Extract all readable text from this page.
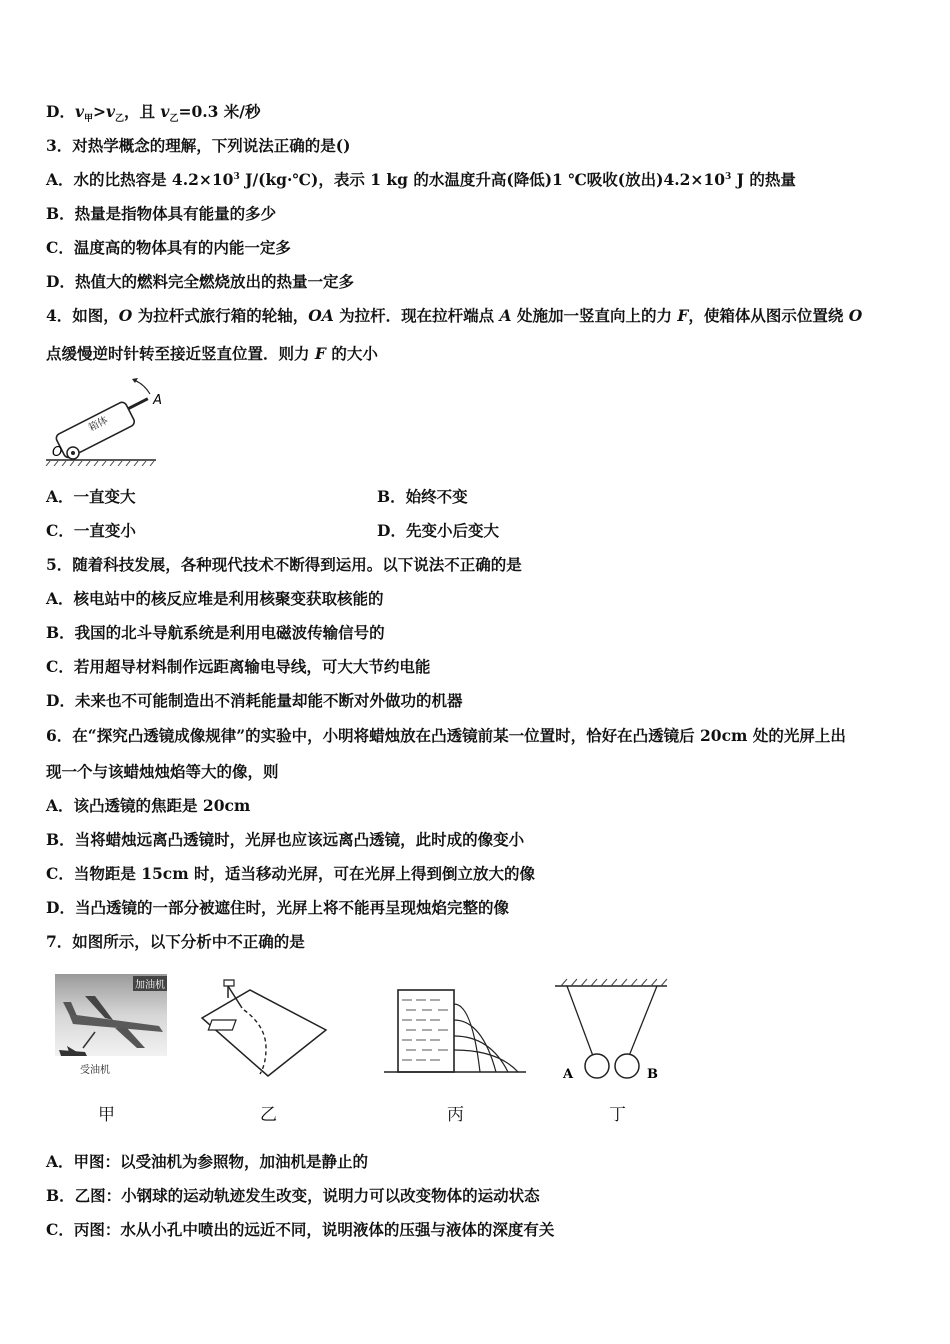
D．$v_甲>v_乙$，且 $v_乙=0.3$ 米/秒
3．对热学概念的理解，下列说法正确的是()
A．水的比热容是 $4.2\times 10^3$ J/(kg·℃)，表示 1 kg 的水温度升高(降低)1 ℃吸收(放出)$4.2\times 10^3$ J 的热量
B．热量是指物体具有能量的多少
C．温度高的物体具有的内能一定多
D．热值大的燃料完全燃烧放出的热量一定多
4．如图，O 为拉杆式旅行箱的轮轴，OA 为拉杆．现在拉杆端点 A 处施加一竖直向上的力 F，使箱体从图示位置绕 O
点缓慢逆时针转至接近竖直位置．则力 F 的大小
箱体
A
O
A．一直变大	B．始终不变
C．一直变小	D．先变小后变大
5．随着科技发展，各种现代技术不断得到运用。以下说法不正确的是
A．核电站中的核反应堆是利用核聚变获取核能的
B．我国的北斗导航系统是利用电磁波传输信号的
C．若用超导材料制作远距离输电导线，可大大节约电能
D．未来也不可能制造出不消耗能量却能不断对外做功的机器
6．在“探究凸透镜成像规律”的实验中，小明将蜡烛放在凸透镜前某一位置时，恰好在凸透镜后 20cm 处的光屏上出
现一个与该蜡烛烛焰等大的像，则
A．该凸透镜的焦距是 20cm
B．当将蜡烛远离凸透镜时，光屏也应该远离凸透镜，此时成的像变小
C．当物距是 15cm 时，适当移动光屏，可在光屏上得到倒立放大的像
D．当凸透镜的一部分被遮住时，光屏上将不能再呈现烛焰完整的像
7．如图所示，以下分析中不正确的是
加油机
受油机	A	B
甲	乙	丙	丁
A．甲图：以受油机为参照物，加油机是静止的
B．乙图：小钢球的运动轨迹发生改变，说明力可以改变物体的运动状态
C．丙图：水从小孔中喷出的远近不同，说明液体的压强与液体的深度有关
